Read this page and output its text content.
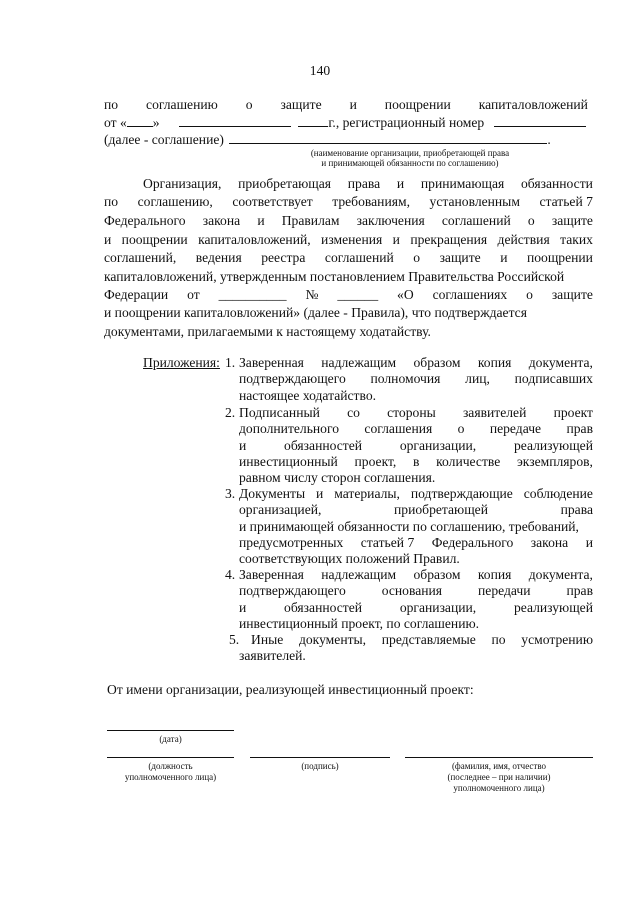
140
по соглашению о защите и поощрении капиталовложений
от « »	г., регистрационный номер
(далее - соглашение)	.
(наименование организации, приобретающей права
и принимающей обязанности по соглашению)
Организация, приобретающая права и принимающая обязанности
по соглашению, соответствует требованиям, установленным статьей 7
Федерального закона и Правилам заключения соглашений о защите
и поощрении капиталовложений, изменения и прекращения действия таких
соглашений, ведения реестра соглашений о защите и поощрении
капиталовложений, утвержденным постановлением Правительства Российской
Федерации от __________ № ______ «О соглашениях о защите
и поощрении капиталовложений» (далее - Правила), что подтверждается
документами, прилагаемыми к настоящему ходатайству.
Приложения: 1. Заверенная надлежащим образом копия документа,
подтверждающего полномочия лиц, подписавших
настоящее ходатайство.
2. Подписанный со стороны заявителей проект
дополнительного соглашения о передаче прав
и	обязанностей	организации,	реализующей
инвестиционный проект, в количестве экземпляров,
равном числу сторон соглашения.
3. Документы и материалы, подтверждающие соблюдение
организацией,	приобретающей	права
и принимающей обязанности по соглашению, требований,
предусмотренных статьей 7 Федерального закона и
соответствующих положений Правил.
4. Заверенная надлежащим образом копия документа,
подтверждающего	основания	передачи	прав
и	обязанностей	организации,	реализующей
инвестиционный проект, по соглашению.
5. Иные документы, представляемые по усмотрению
заявителей.
От имени организации, реализующей инвестиционный проект:
(дата)
(должность
уполномоченного лица)
(подпись)	(фамилия, имя, отчество
(последнее – при наличии)
уполномоченного лица)
